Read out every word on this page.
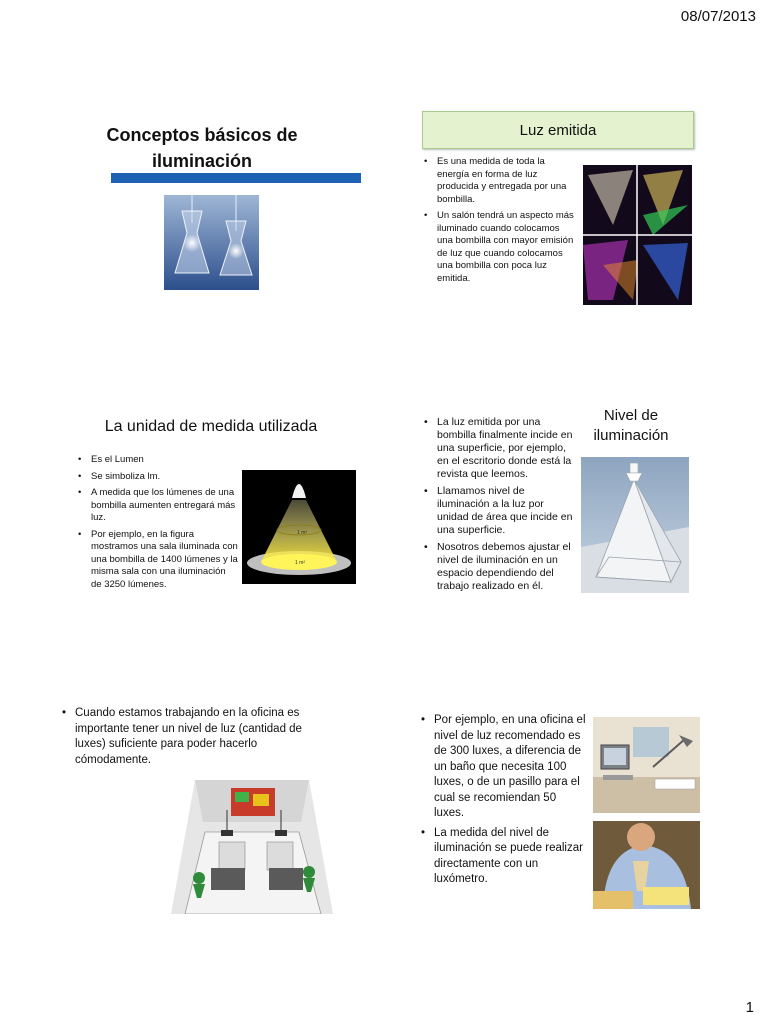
08/07/2013
Conceptos básicos de
iluminación
Luz emitida
• Es una medida de toda la energía en forma de luz producida y entregada por una bombilla.
• Un salón tendrá un aspecto más iluminado cuando colocamos una bombilla con mayor emisión de luz que cuando colocamos una bombilla con poca luz emitida.
La unidad de medida utilizada
• Es el Lumen
• Se simboliza lm.
• A medida que los lúmenes de una bombilla aumenten entregará más luz.
• Por ejemplo, en la figura mostramos una sala iluminada con una bombilla de 1400 lúmenes y la misma sala con una iluminación de 3250 lúmenes.
1 m²
1 m²
• La luz emitida por una bombilla finalmente incide en una superficie, por ejemplo, en el escritorio donde está la revista que leemos.
• Llamamos nivel de iluminación a la luz por unidad de área que incide en una superficie.
• Nosotros debemos ajustar el nivel de iluminación en un espacio dependiendo del trabajo realizado en él.
Nivel de
iluminación
• Cuando estamos trabajando en la oficina es importante tener un nivel de luz (cantidad de luxes) suficiente para poder hacerlo cómodamente.
• Por ejemplo, en una oficina el nivel de luz recomendado es de 300 luxes, a diferencia de un baño que necesita 100 luxes, o de un pasillo para el cual se recomiendan 50 luxes.
• La medida del nivel de iluminación se puede realizar directamente con un luxómetro.
1
